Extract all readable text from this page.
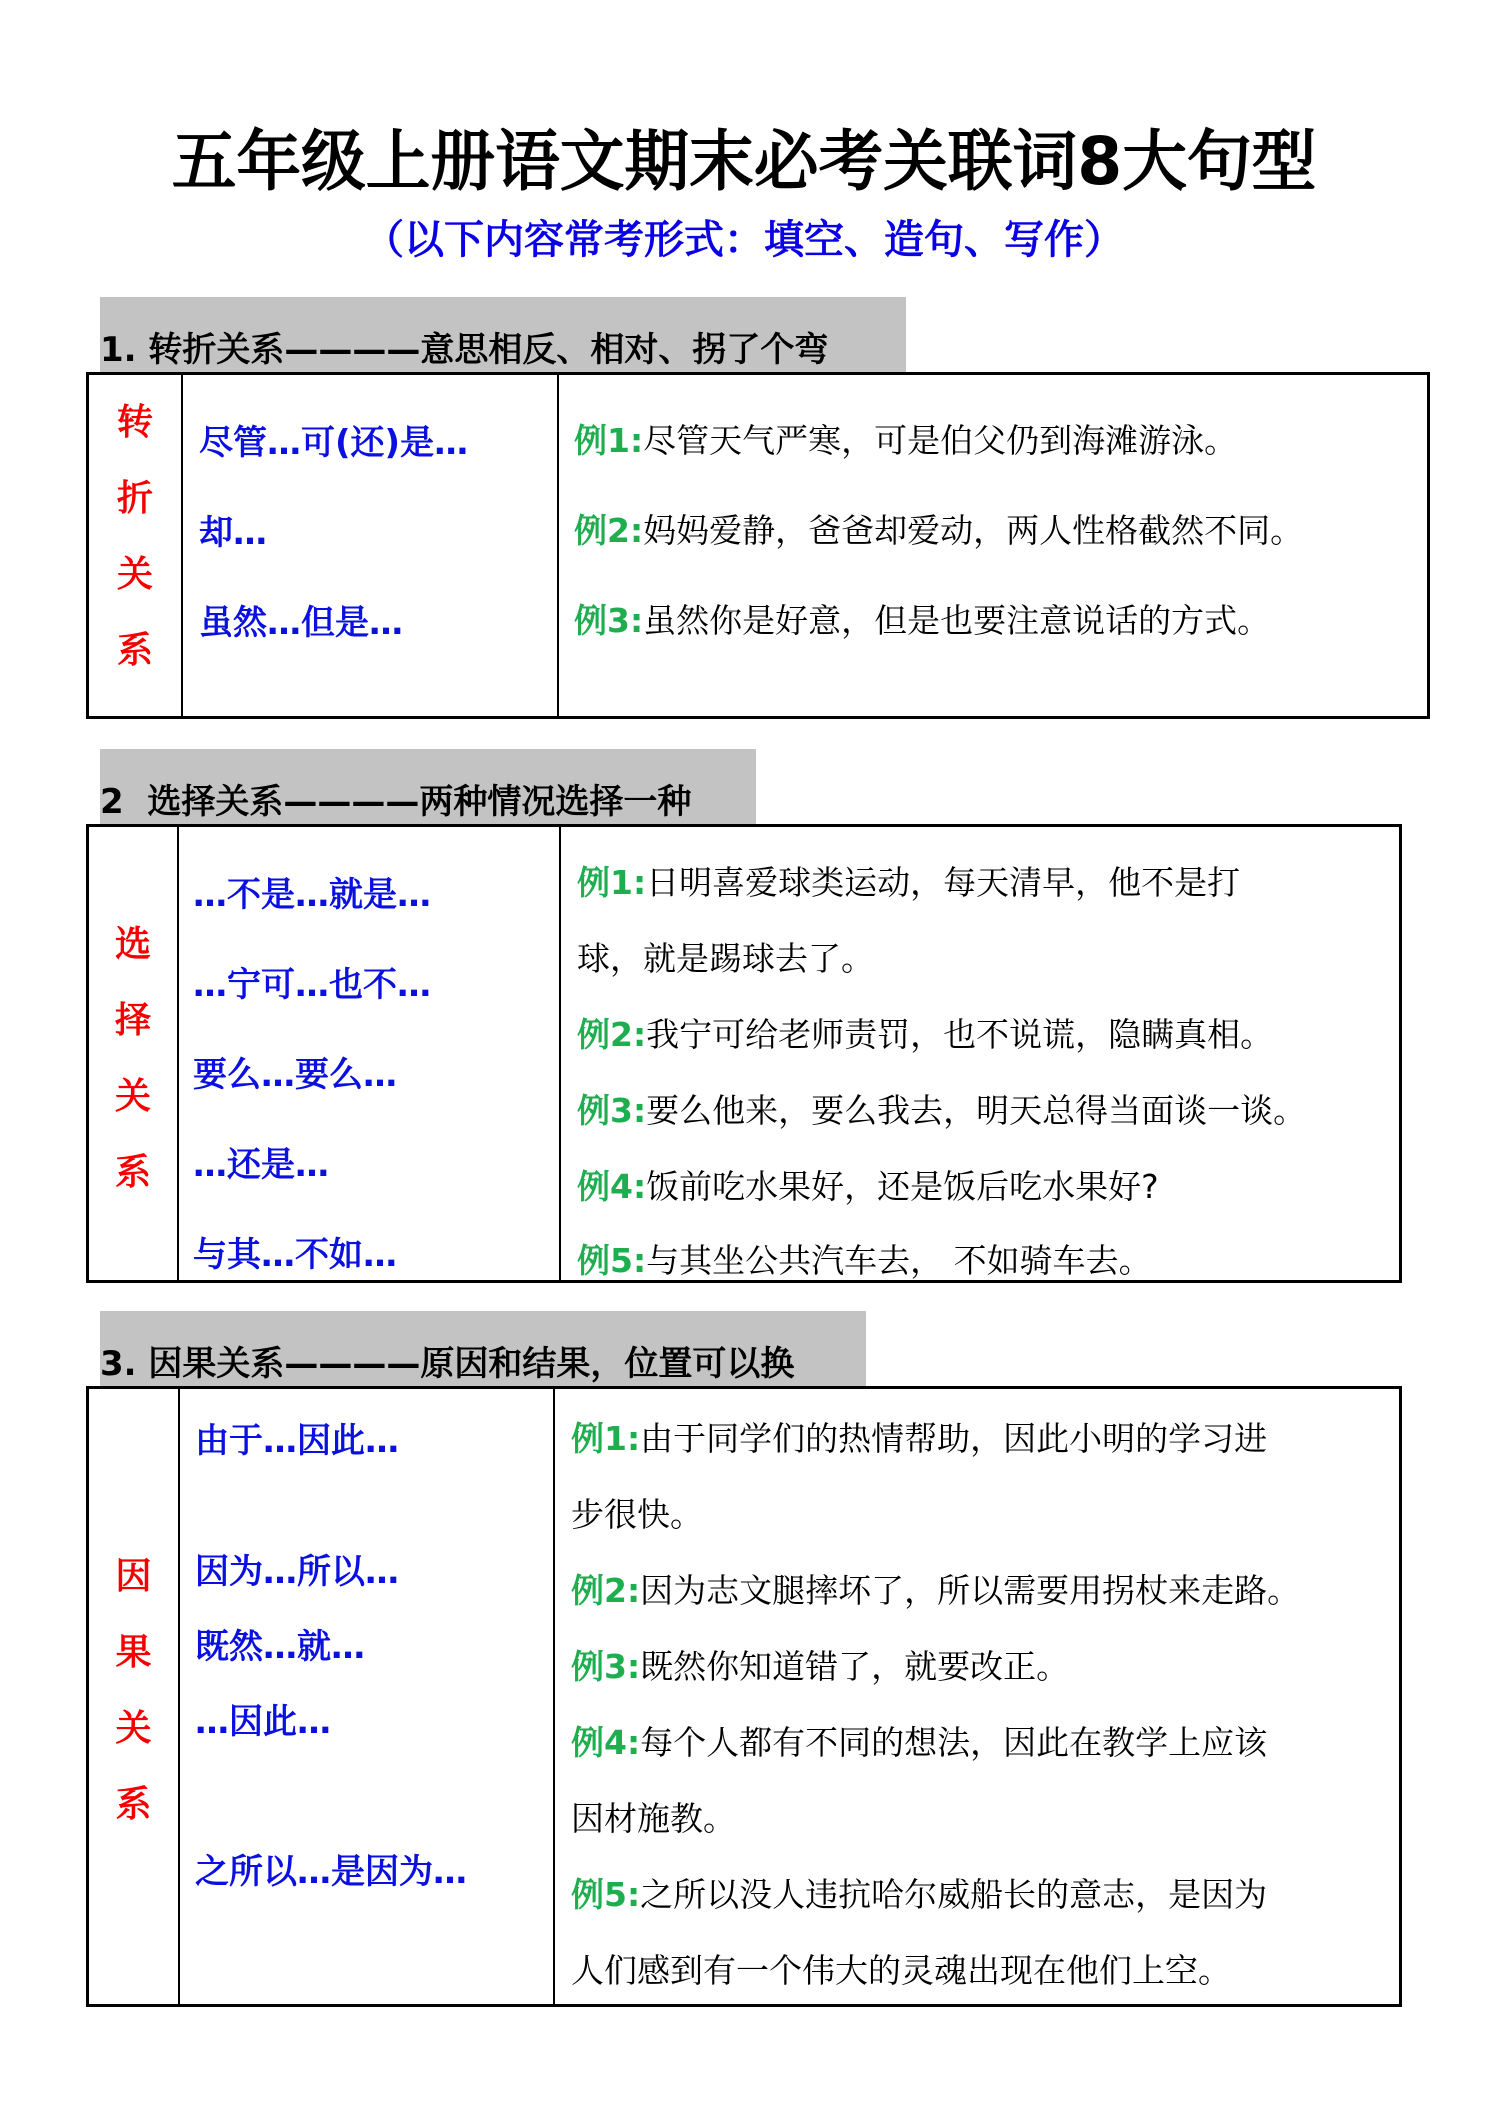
五年级上册语文期末必考关联词8大句型
（以下内容常考形式：填空、造句、写作）
1. 转折关系————意思相反、相对、拐了个弯
转
折
关
系
尽管…可(还)是…
却…
虽然…但是…
例1:尽管天气严寒，可是伯父仍到海滩游泳。
例2:妈妈爱静，爸爸却爱动，两人性格截然不同。
例3:虽然你是好意，但是也要注意说话的方式。
2  选择关系————两种情况选择一种
选
择
关
系
…不是…就是…
…宁可…也不…
要么…要么…
…还是…
与其…不如…
例1:日明喜爱球类运动，每天清早，他不是打
球，就是踢球去了。
例2:我宁可给老师责罚，也不说谎，隐瞒真相。
例3:要么他来，要么我去，明天总得当面谈一谈。
例4:饭前吃水果好，还是饭后吃水果好?
例5:与其坐公共汽车去， 不如骑车去。
3. 因果关系————原因和结果，位置可以换
因
果
关
系
由于…因此…
因为…所以…
既然…就…
…因此…
之所以…是因为…
例1:由于同学们的热情帮助，因此小明的学习进
步很快。
例2:因为志文腿摔坏了，所以需要用拐杖来走路。
例3:既然你知道错了，就要改正。
例4:每个人都有不同的想法，因此在教学上应该
因材施教。
例5:之所以没人违抗哈尔威船长的意志，是因为
人们感到有一个伟大的灵魂出现在他们上空。
